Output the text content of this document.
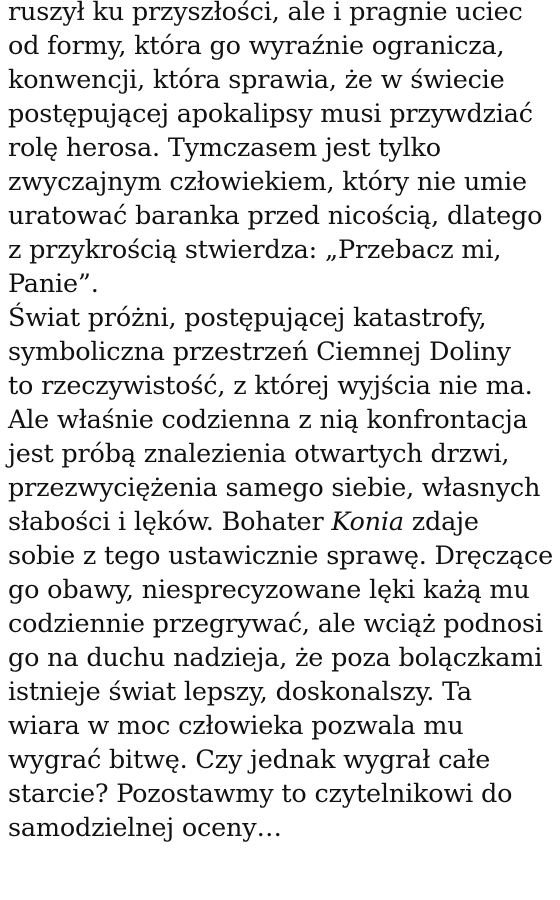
ruszył ku przyszłości, ale i pragnie uciec
od formy, która go wyraźnie ogranicza,
konwencji, która sprawia, że w świecie
postępującej apokalipsy musi przywdziać
rolę herosa. Tymczasem jest tylko
zwyczajnym człowiekiem, który nie umie
uratować baranka przed nicością, dlatego
z przykrością stwierdza: „Przebacz mi,
Panie”.
Świat próżni, postępującej katastrofy,
symboliczna przestrzeń Ciemnej Doliny
to rzeczywistość, z której wyjścia nie ma.
Ale właśnie codzienna z nią konfrontacja
jest próbą znalezienia otwartych drzwi,
przezwyciężenia samego siebie, własnych
słabości i lęków. Bohater Konia zdaje
sobie z tego ustawicznie sprawę. Dręczące
go obawy, niesprecyzowane lęki każą mu
codziennie przegrywać, ale wciąż podnosi
go na duchu nadzieja, że poza bolączkami
istnieje świat lepszy, doskonalszy. Ta
wiara w moc człowieka pozwala mu
wygrać bitwę. Czy jednak wygrał całe
starcie? Pozostawmy to czytelnikowi do
samodzielnej oceny…
